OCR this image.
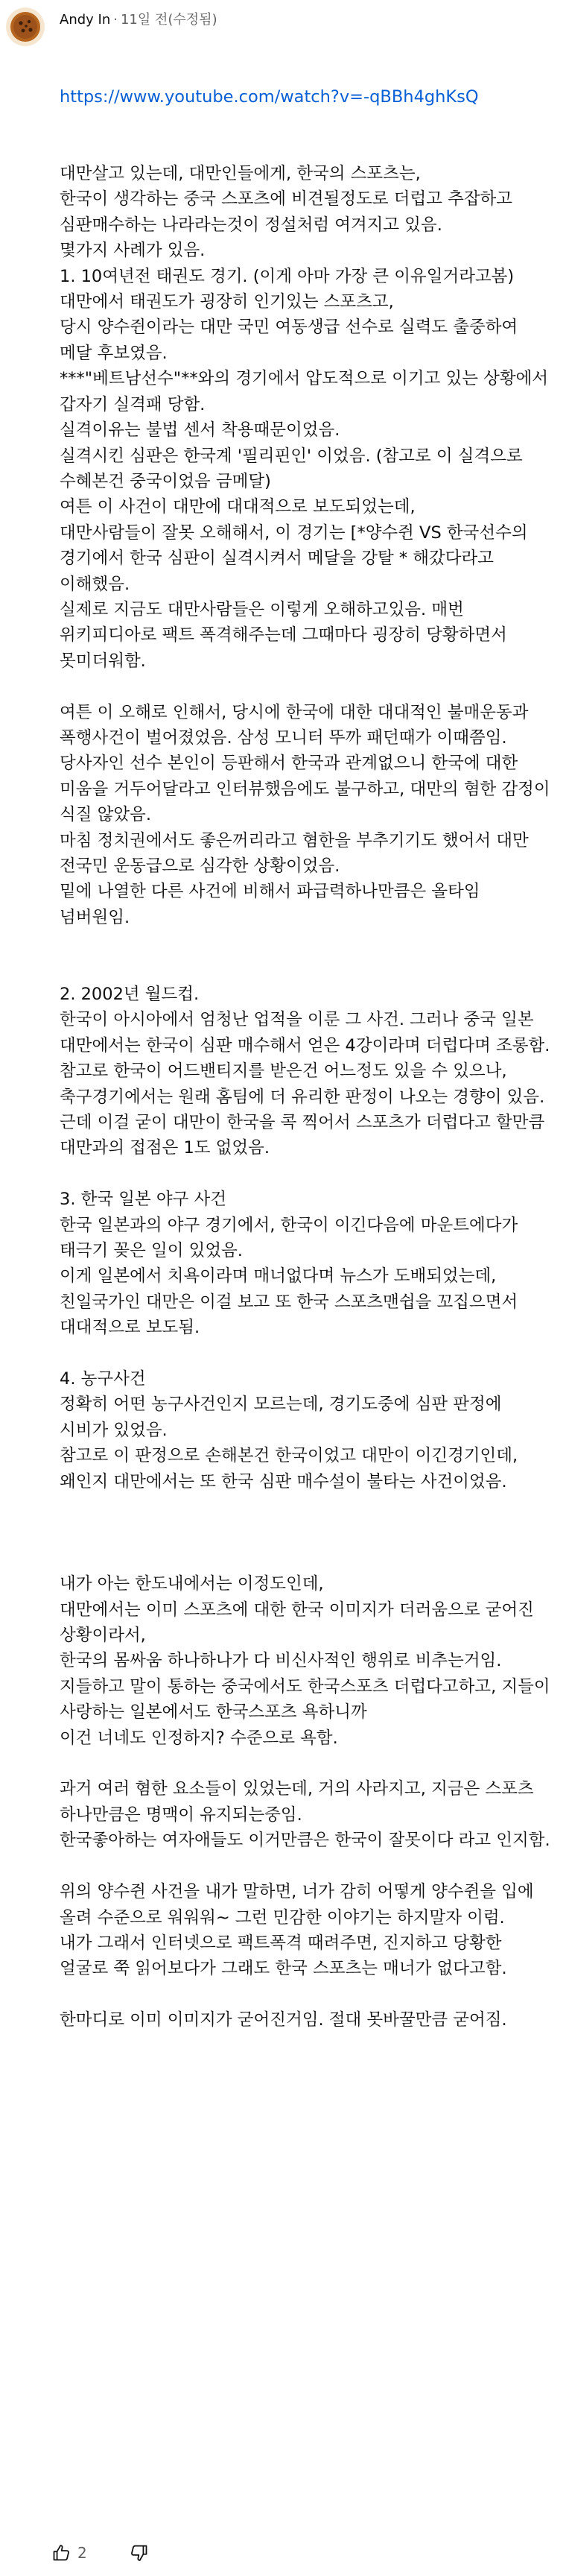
Andy In · 11일 전(수정됨)

https://www.youtube.com/watch?v=-qBBh4ghKsQ

대만살고 있는데, 대만인들에게, 한국의 스포츠는,
한국이 생각하는 중국 스포츠에 비견될정도로 더럽고 추잡하고 심판매수하는 나라라는것이 정설처럼 여겨지고 있음.
몇가지 사례가 있음.
1. 10여년전 태권도 경기. (이게 아마 가장 큰 이유일거라고봄)
대만에서 태권도가 굉장히 인기있는 스포츠고,
당시 양수쥔이라는 대만 국민 여동생급 선수로 실력도 출중하여 메달 후보였음.
***"베트남선수"**와의 경기에서 압도적으로 이기고 있는 상황에서 갑자기 실격패 당함.
실격이유는 불법 센서 착용때문이었음.
실격시킨 심판은 한국계 '필리핀인' 이었음. (참고로 이 실격으로 수혜본건 중국이었음 금메달)
여튼 이 사건이 대만에 대대적으로 보도되었는데,
대만사람들이 잘못 오해해서, 이 경기는 [*양수쥔 VS 한국선수의 경기에서 한국 심판이 실격시켜서 메달을 강탈 * 해갔다라고 이해했음.
실제로 지금도 대만사람들은 이렇게 오해하고있음. 매번 위키피디아로 팩트 폭격해주는데 그때마다 굉장히 당황하면서 못미더워함.
여튼 이 오해로 인해서, 당시에 한국에 대한 대대적인 불매운동과 폭행사건이 벌어졌었음. 삼성 모니터 뚜까 패던때가 이때쯤임.
당사자인 선수 본인이 등판해서 한국과 관계없으니 한국에 대한 미움을 거두어달라고 인터뷰했음에도 불구하고, 대만의 혐한 감정이 식질 않았음.
마침 정치권에서도 좋은꺼리라고 혐한을 부추기기도 했어서 대만 전국민 운동급으로 심각한 상황이었음.
밑에 나열한 다른 사건에 비해서 파급력하나만큼은 올타임 넘버원임.
2. 2002년 월드컵.
한국이 아시아에서 엄청난 업적을 이룬 그 사건. 그러나 중국 일본 대만에서는 한국이 심판 매수해서 얻은 4강이라며 더럽다며 조롱함.
참고로 한국이 어드밴티지를 받은건 어느정도 있을 수 있으나, 축구경기에서는 원래 홈팀에 더 유리한 판정이 나오는 경향이 있음.
근데 이걸 굳이 대만이 한국을 콕 찍어서 스포츠가 더럽다고 할만큼 대만과의 접점은 1도 없었음.
3. 한국 일본 야구 사건
한국 일본과의 야구 경기에서, 한국이 이긴다음에 마운트에다가 태극기 꽂은 일이 있었음.
이게 일본에서 치욕이라며 매너없다며 뉴스가 도배되었는데, 친일국가인 대만은 이걸 보고 또 한국 스포츠맨쉽을 꼬집으면서 대대적으로 보도됨.
4. 농구사건
정확히 어떤 농구사건인지 모르는데, 경기도중에 심판 판정에 시비가 있었음.
참고로 이 판정으로 손해본건 한국이었고 대만이 이긴경기인데, 왜인지 대만에서는 또 한국 심판 매수설이 불타는 사건이었음.
내가 아는 한도내에서는 이정도인데,
대만에서는 이미 스포츠에 대한 한국 이미지가 더러움으로 굳어진 상황이라서,
한국의 몸싸움 하나하나가 다 비신사적인 행위로 비추는거임.
지들하고 말이 통하는 중국에서도 한국스포츠 더럽다고하고, 지들이 사랑하는 일본에서도 한국스포츠 욕하니까
이건 너네도 인정하지? 수준으로 욕함.
과거 여러 혐한 요소들이 있었는데, 거의 사라지고, 지금은 스포츠 하나만큼은 명맥이 유지되는중임.
한국좋아하는 여자애들도 이거만큼은 한국이 잘못이다 라고 인지함.
위의 양수쥔 사건을 내가 말하면, 너가 감히 어떻게 양수쥔을 입에 올려 수준으로 워워워~ 그런 민감한 이야기는 하지말자 이럼.
내가 그래서 인터넷으로 팩트폭격 때려주면, 진지하고 당황한 얼굴로 쭉 읽어보다가 그래도 한국 스포츠는 매너가 없다고함.
한마디로 이미 이미지가 굳어진거임. 절대 못바꿀만큼 굳어짐.

2
